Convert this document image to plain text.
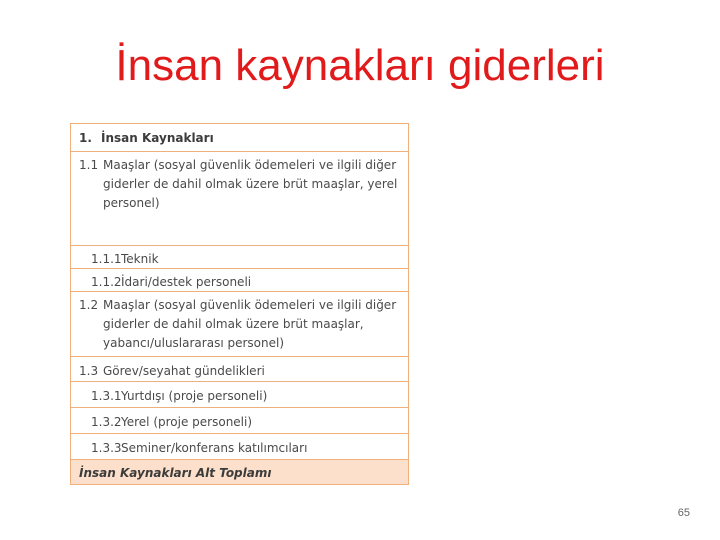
İnsan kaynakları giderleri
1. İnsan Kaynakları
1.1 Maaşlar (sosyal güvenlik ödemeleri ve ilgili diğer giderler de dahil olmak üzere brüt maaşlar, yerel personel)
1.1.1 Teknik
1.1.2 İdari/destek personeli
1.2 Maaşlar (sosyal güvenlik ödemeleri ve ilgili diğer giderler de dahil olmak üzere brüt maaşlar, yabancı/uluslararası personel)
1.3 Görev/seyahat gündelikleri
1.3.1 Yurtdışı (proje personeli)
1.3.2 Yerel (proje personeli)
1.3.3 Seminer/konferans katılımcıları
İnsan Kaynakları Alt Toplamı
65
